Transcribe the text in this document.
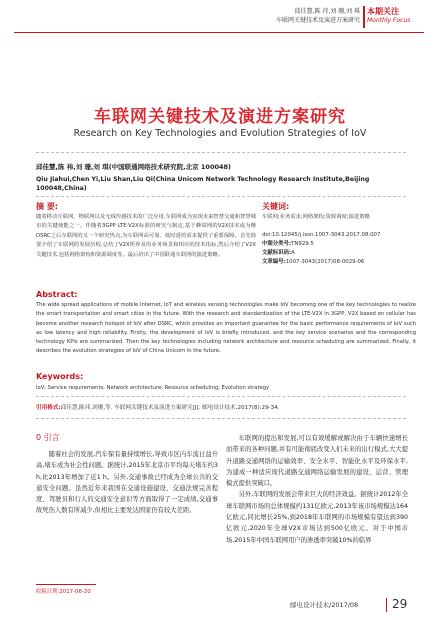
邱佳慧,陈 祎,刘 珊,刘 琪
车联网关键技术及演进方案研究
本期关注
Monthly Focus
车联网关键技术及演进方案研究
Research on Key Technologies and Evolution Strategies of IoV
邱佳慧,陈 祎,刘 珊,刘 琪(中国联通网络技术研究院,北京 100048)
Qiu Jiahui,Chen Yi,Liu Shan,Liu Qi(China Unicom Network Technology Research Institute,Beijing 100048,China)
摘 要:
随着移动互联网、物联网以及无线传感技术的广泛应用,车联网成为实现未来智慧交通和智慧城市的关键使能之一。伴随着3GPP LTE-V2X标准的研究与制定,基于蜂窝网的V2X技术成为继DSRC之后车联网的又一个研究热点,为车联网高可靠、低时延的需求提供了重要保障。首先简要介绍了车联网的发展历程,总结了V2X所涉及的业务场景和相应的技术指标,然后介绍了V2X关键技术,包括网络架构和资源调度等。最后给出了中国联通车联网的演进策略。
关键词:
车联网;业务需求;网络架构;资源调度;演进策略
doi:10.12045/j.issn.1007-3043.2017.08.007
中图分类号:TN929.5
文献标识码:A
文章编号:1007-3043(2017)08-0029-06
Abstract:
The wide spread applications of mobile Internet, IoT and wireless sensing technologies make IoV becoming one of the key technologies to realize the smart transportation and smart cities in the future. With the research and standardization of the LTE-V2X in 3GPP, V2X based on cellular has become another research hotspot of IoV after DSRC, which provides an important guarantee for the basic performance requirements of IoV such as low latency and high reliability. Firstly, the development of IoV is briefly introduced, and the key service scenarios and the corresponding technology KPIs are summarized. Then the key technologies including network architecture and resource scheduling are summarized. Finally, it describes the evolution strategies of IoV of China Unicom in the future.
Keywords:
IoV; Service requirements; Network architecture; Resource scheduling; Evolution strategy
引用格式:邱佳慧,陈祎,刘珊,等. 车联网关键技术及演进方案研究[J]. 邮电设计技术,2017(8):29-34.
0 引言

随着社会的发展,汽车保有量持续增长,导致市区内车流日益升高,堵车成为社会性问题。据统计,2015年北京市平均每天堵车约3 h,比2013年增加了近1 h。另外,交通事故已经成为全球公共的交通安全问题。虽然近年来我国在交通设施建设、交通法规完善程度、驾驶员和行人的交通安全意识等方面取得了一定成绩,交通事故死伤人数有所减少,但相比主要发达国家仍有较大差距。

车联网的提出和发展,可以有效缓解或解决由于车辆快速增长而带来的各种问题,并有可能彻底改变人们未来的出行模式,大大提升道路交通网络的运输效率、安全水平、智能化水平及环保水平,为建成一种适应现代道路交通网络运输发展的建设、运营、管理模式提供突破口。

另外,车联网的发展会带来巨大的经济效益。据统计2012年全球车联网市场的总体规模约131亿欧元,2013年该市场规模达164亿欧元,同比增长25%,到2018年车联网的市场规模有望达到390亿欧元,2020年全球V2X市场达到500亿欧元。对于中国市场,2015年中国车联网用户的渗透率突破10%的临界

收稿日期:2017-06-20
邮电设计技术/2017/08	29
